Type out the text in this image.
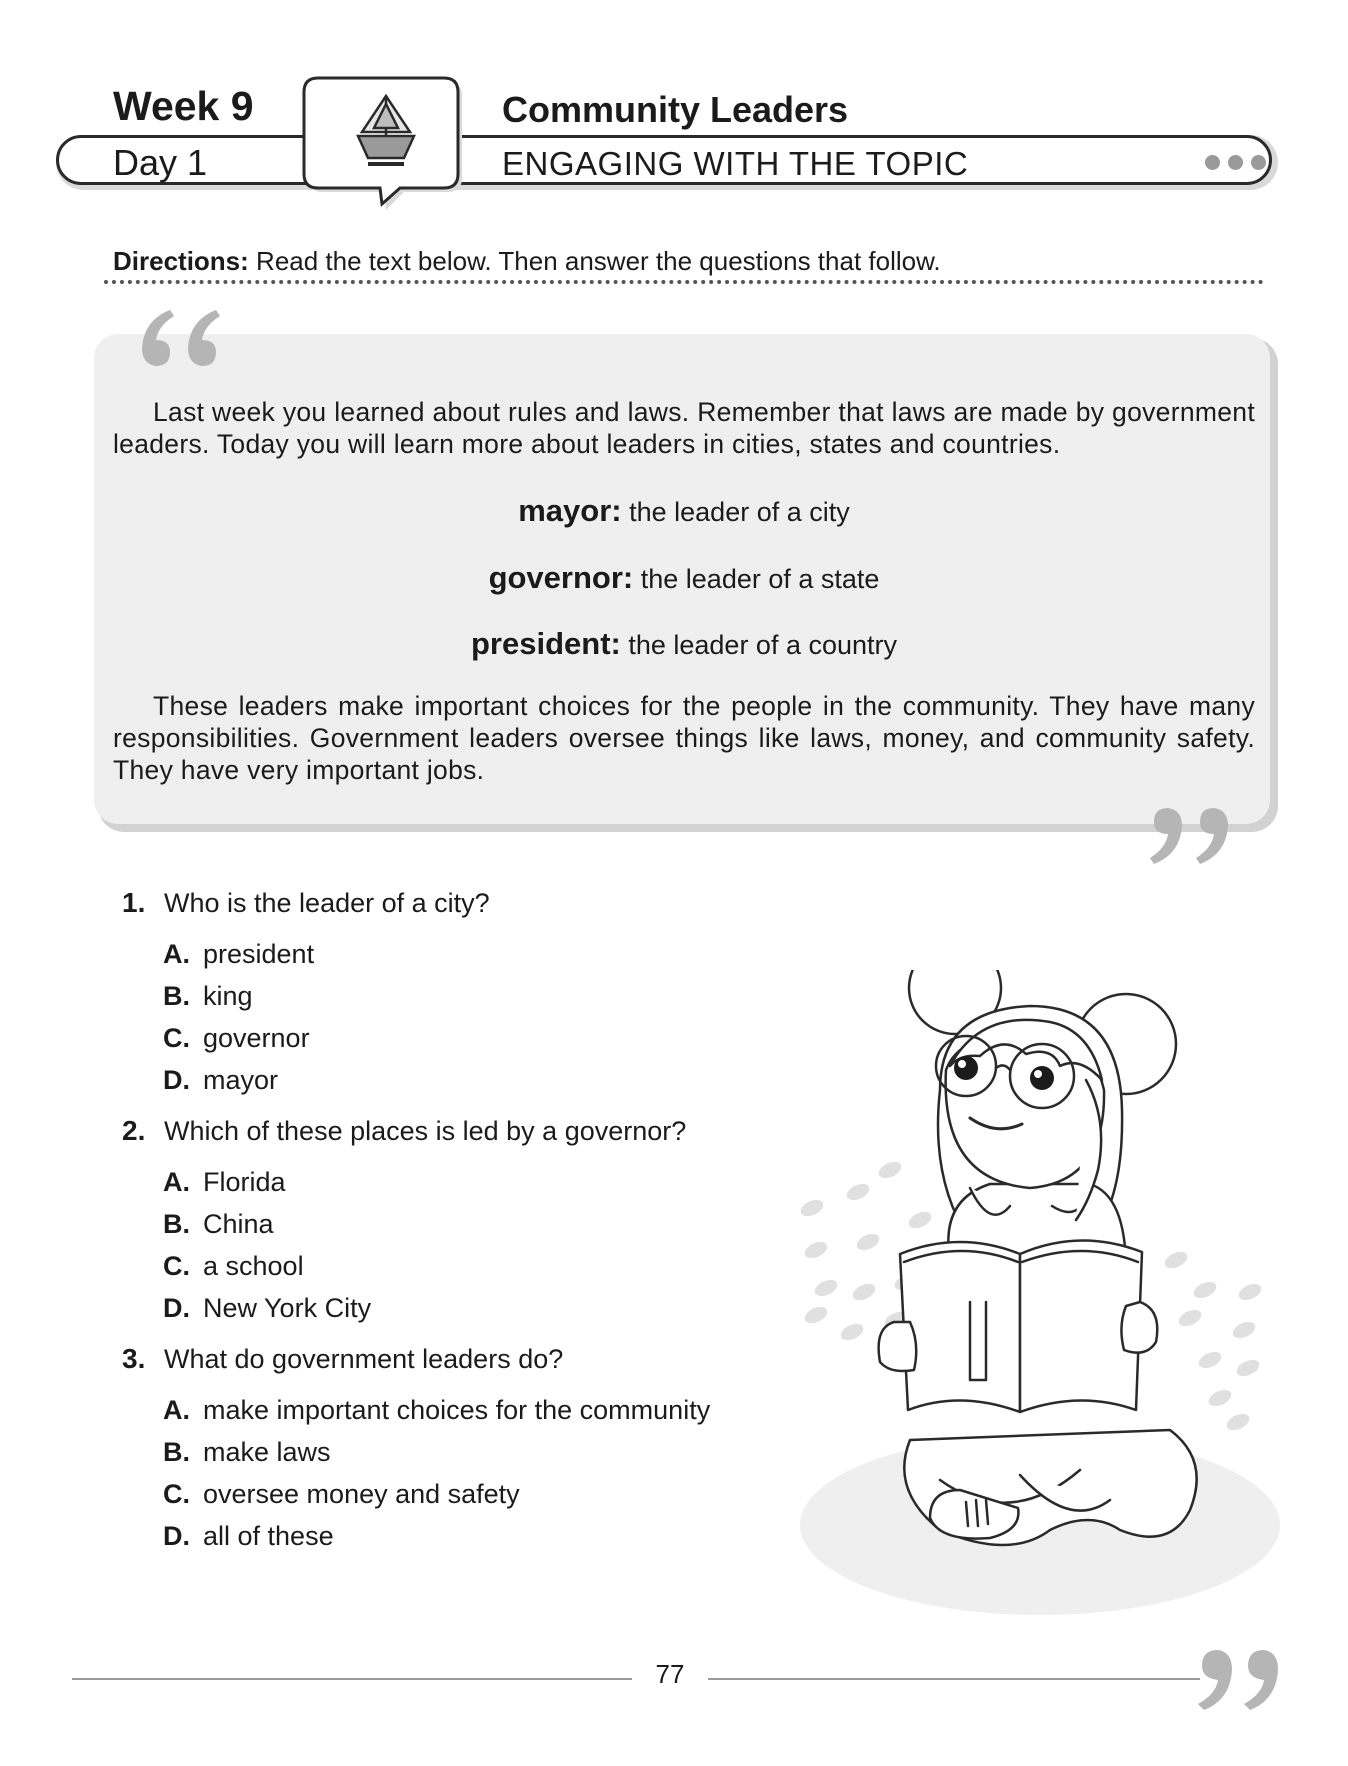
Week 9
Day 1
Community Leaders
ENGAGING WITH THE TOPIC
Directions: Read the text below. Then answer the questions that follow.
Last week you learned about rules and laws. Remember that laws are made by government leaders. Today you will learn more about leaders in cities, states and countries.
mayor: the leader of a city
governor: the leader of a state
president: the leader of a country
These leaders make important choices for the people in the community. They have many responsibilities. Government leaders oversee things like laws, money, and community safety. They have very important jobs.
1. Who is the leader of a city?
A. president
B. king
C. governor
D. mayor
2. Which of these places is led by a governor?
A. Florida
B. China
C. a school
D. New York City
3. What do government leaders do?
A. make important choices for the community
B. make laws
C. oversee money and safety
D. all of these
77
